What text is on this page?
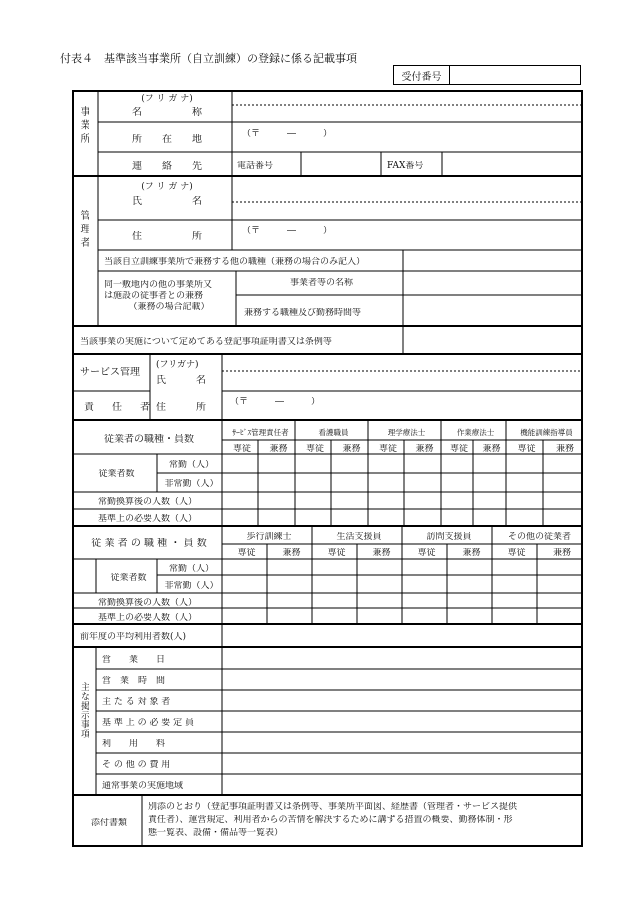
付表４　基準該当事業所（自立訓練）の登録に係る記載事項
受付番号
事業所
(フ リ ガ ナ)
名　　　　　称
所　　在　　地	（〒　　　―　　　）
連　　絡　　先	電話番号	FAX番号
管理者
(フ リ ガ ナ)
氏　　　　　名
住　　　　　所	（〒　　　―　　　）
当該自立訓練事業所で兼務する他の職種（兼務の場合のみ記入）
同一敷地内の他の事業所又
は施設の従事者との兼務
（兼務の場合記載）
事業者等の名称
兼務する職種及び勤務時間等
当該事業の実施について定めてある登記事項証明書又は条例等
サービス管理
責　任　者
(フリガナ)
氏　　　名
住　　　所	（〒　　　―　　　）
従業者の職種・員数
ｻｰﾋﾞｽ管理責任者	看護職員	理学療法士	作業療法士	機能訓練指導員
専従	兼務	専従	兼務	専従	兼務	専従	兼務	専従	兼務
従業者数
常勤（人）
非常勤（人）
常勤換算後の人数（人）
基準上の必要人数（人）
従 業 者 の 職 種 ・ 員 数
歩行訓練士	生活支援員	訪問支援員	その他の従業者
専従	兼務	専従	兼務	専従	兼務	専従	兼務
従業者数
常勤（人）
非常勤（人）
常勤換算後の人数（人）
基準上の必要人数（人）
前年度の平均利用者数(人)
主な掲示事項
営　　業　　日
営　業　時　間
主 た る 対 象 者
基 準 上 の 必 要 定 員
利　　用　　料
そ の 他 の 費 用
通常事業の実施地域
添付書類
別添のとおり（登記事項証明書又は条例等、事業所平面図、経歴書（管理者・サービス提供
責任者）、運営規定、利用者からの苦情を解決するために講ずる措置の概要、勤務体制・形
態一覧表、設備・備品等一覧表）
